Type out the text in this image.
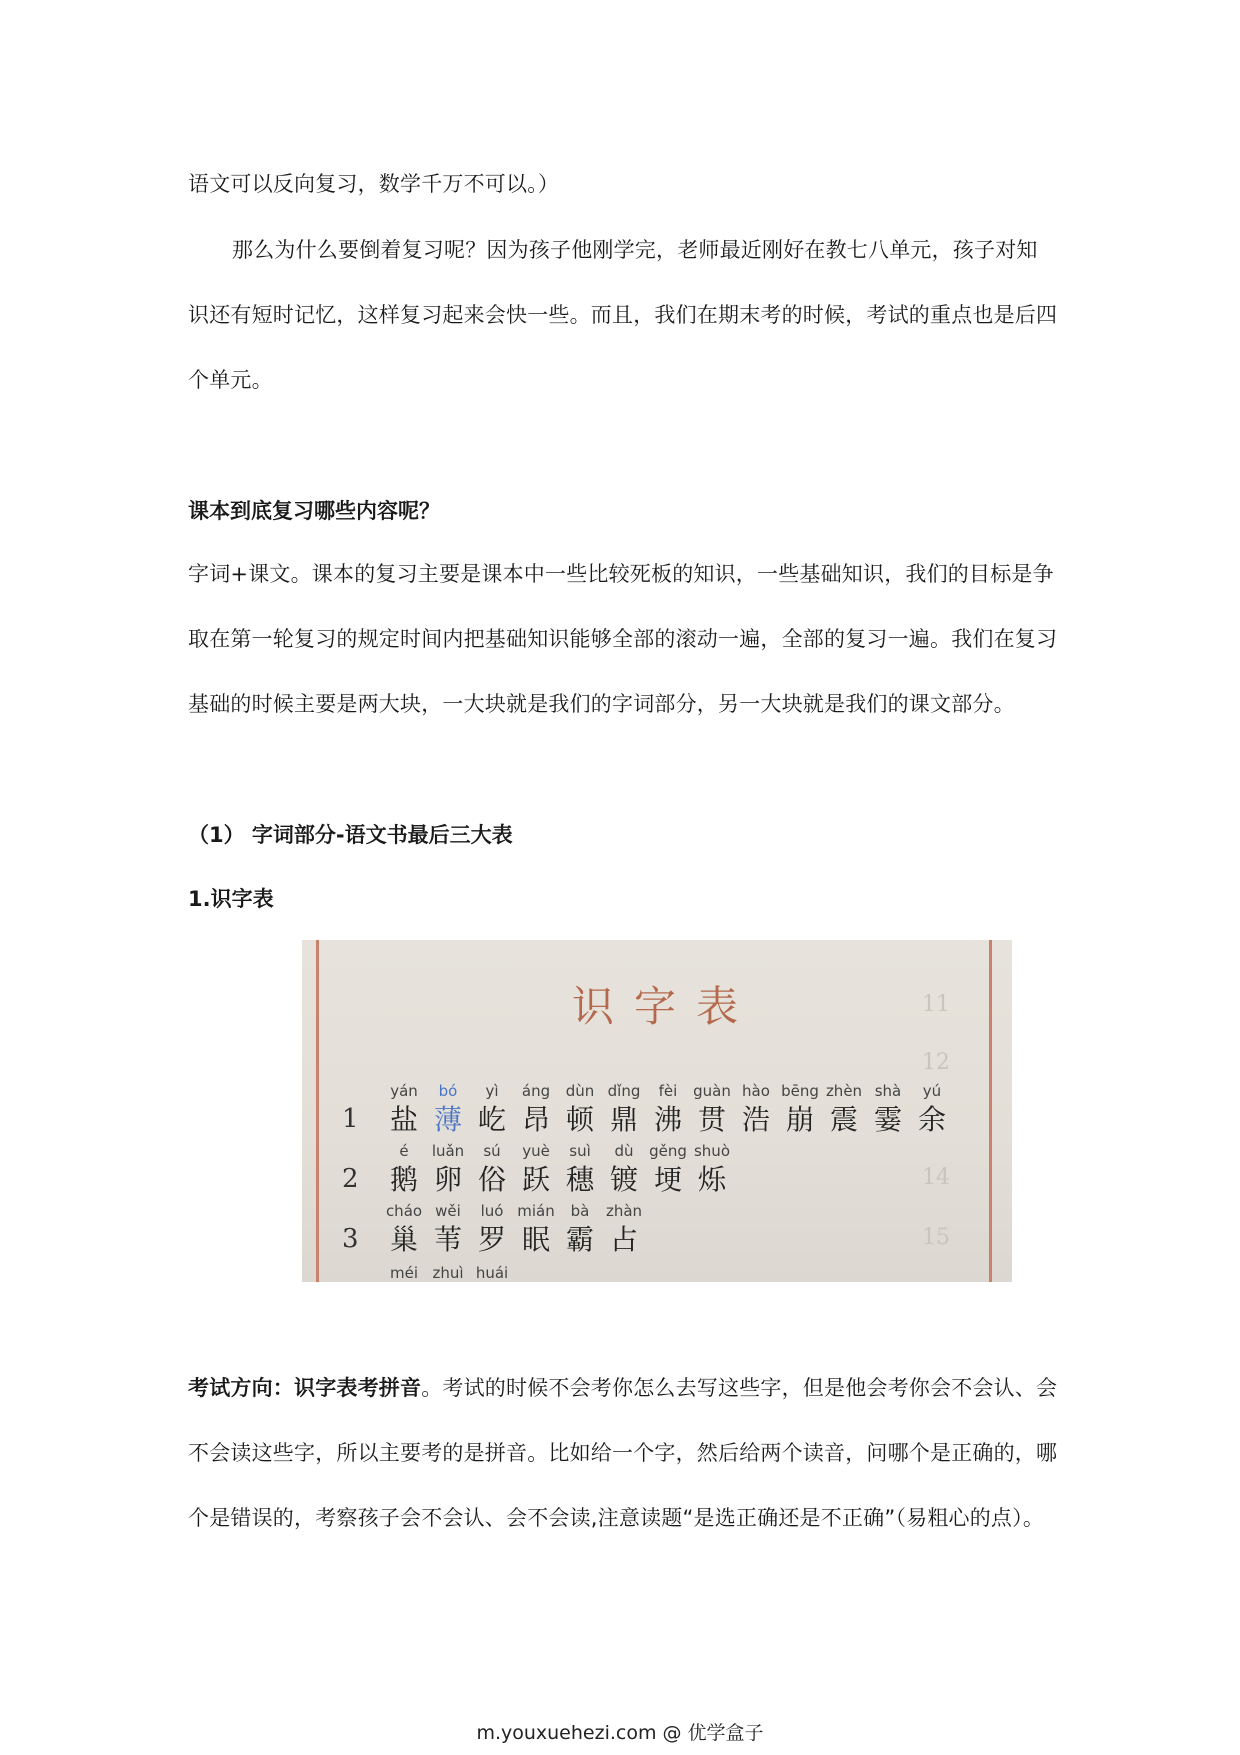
语文可以反向复习，数学千万不可以。）

那么为什么要倒着复习呢？因为孩子他刚学完，老师最近刚好在教七八单元，孩子对知识还有短时记忆，这样复习起来会快一些。而且，我们在期末考的时候，考试的重点也是后四个单元。

课本到底复习哪些内容呢？

字词+课文。课本的复习主要是课本中一些比较死板的知识，一些基础知识，我们的目标是争取在第一轮复习的规定时间内把基础知识能够全部的滚动一遍，全部的复习一遍。我们在复习基础的时候主要是两大块，一大块就是我们的字词部分，另一大块就是我们的课文部分。

（1） 字词部分-语文书最后三大表
1.识字表
11
12
14
15
识字表
1
yán
盐
bó
薄
yì
屹
áng
昂
dùn
顿
dǐng
鼎
fèi
沸
guàn
贯
hào
浩
bēng
崩
zhèn
震
shà
霎
yú
余
2
é
鹅
luǎn
卵
sú
俗
yuè
跃
suì
穗
dù
镀
gěng
埂
shuò
烁
3
cháo
巢
wěi
苇
luó
罗
mián
眠
bà
霸
zhàn
占
méi zhuì huái

考试方向：识字表考拼音。考试的时候不会考你怎么去写这些字，但是他会考你会不会认、会不会读这些字，所以主要考的是拼音。比如给一个字，然后给两个读音，问哪个是正确的，哪个是错误的，考察孩子会不会认、会不会读,注意读题“是选正确还是不正确”（易粗心的点）。

m.youxuehezi.com @ 优学盒子
